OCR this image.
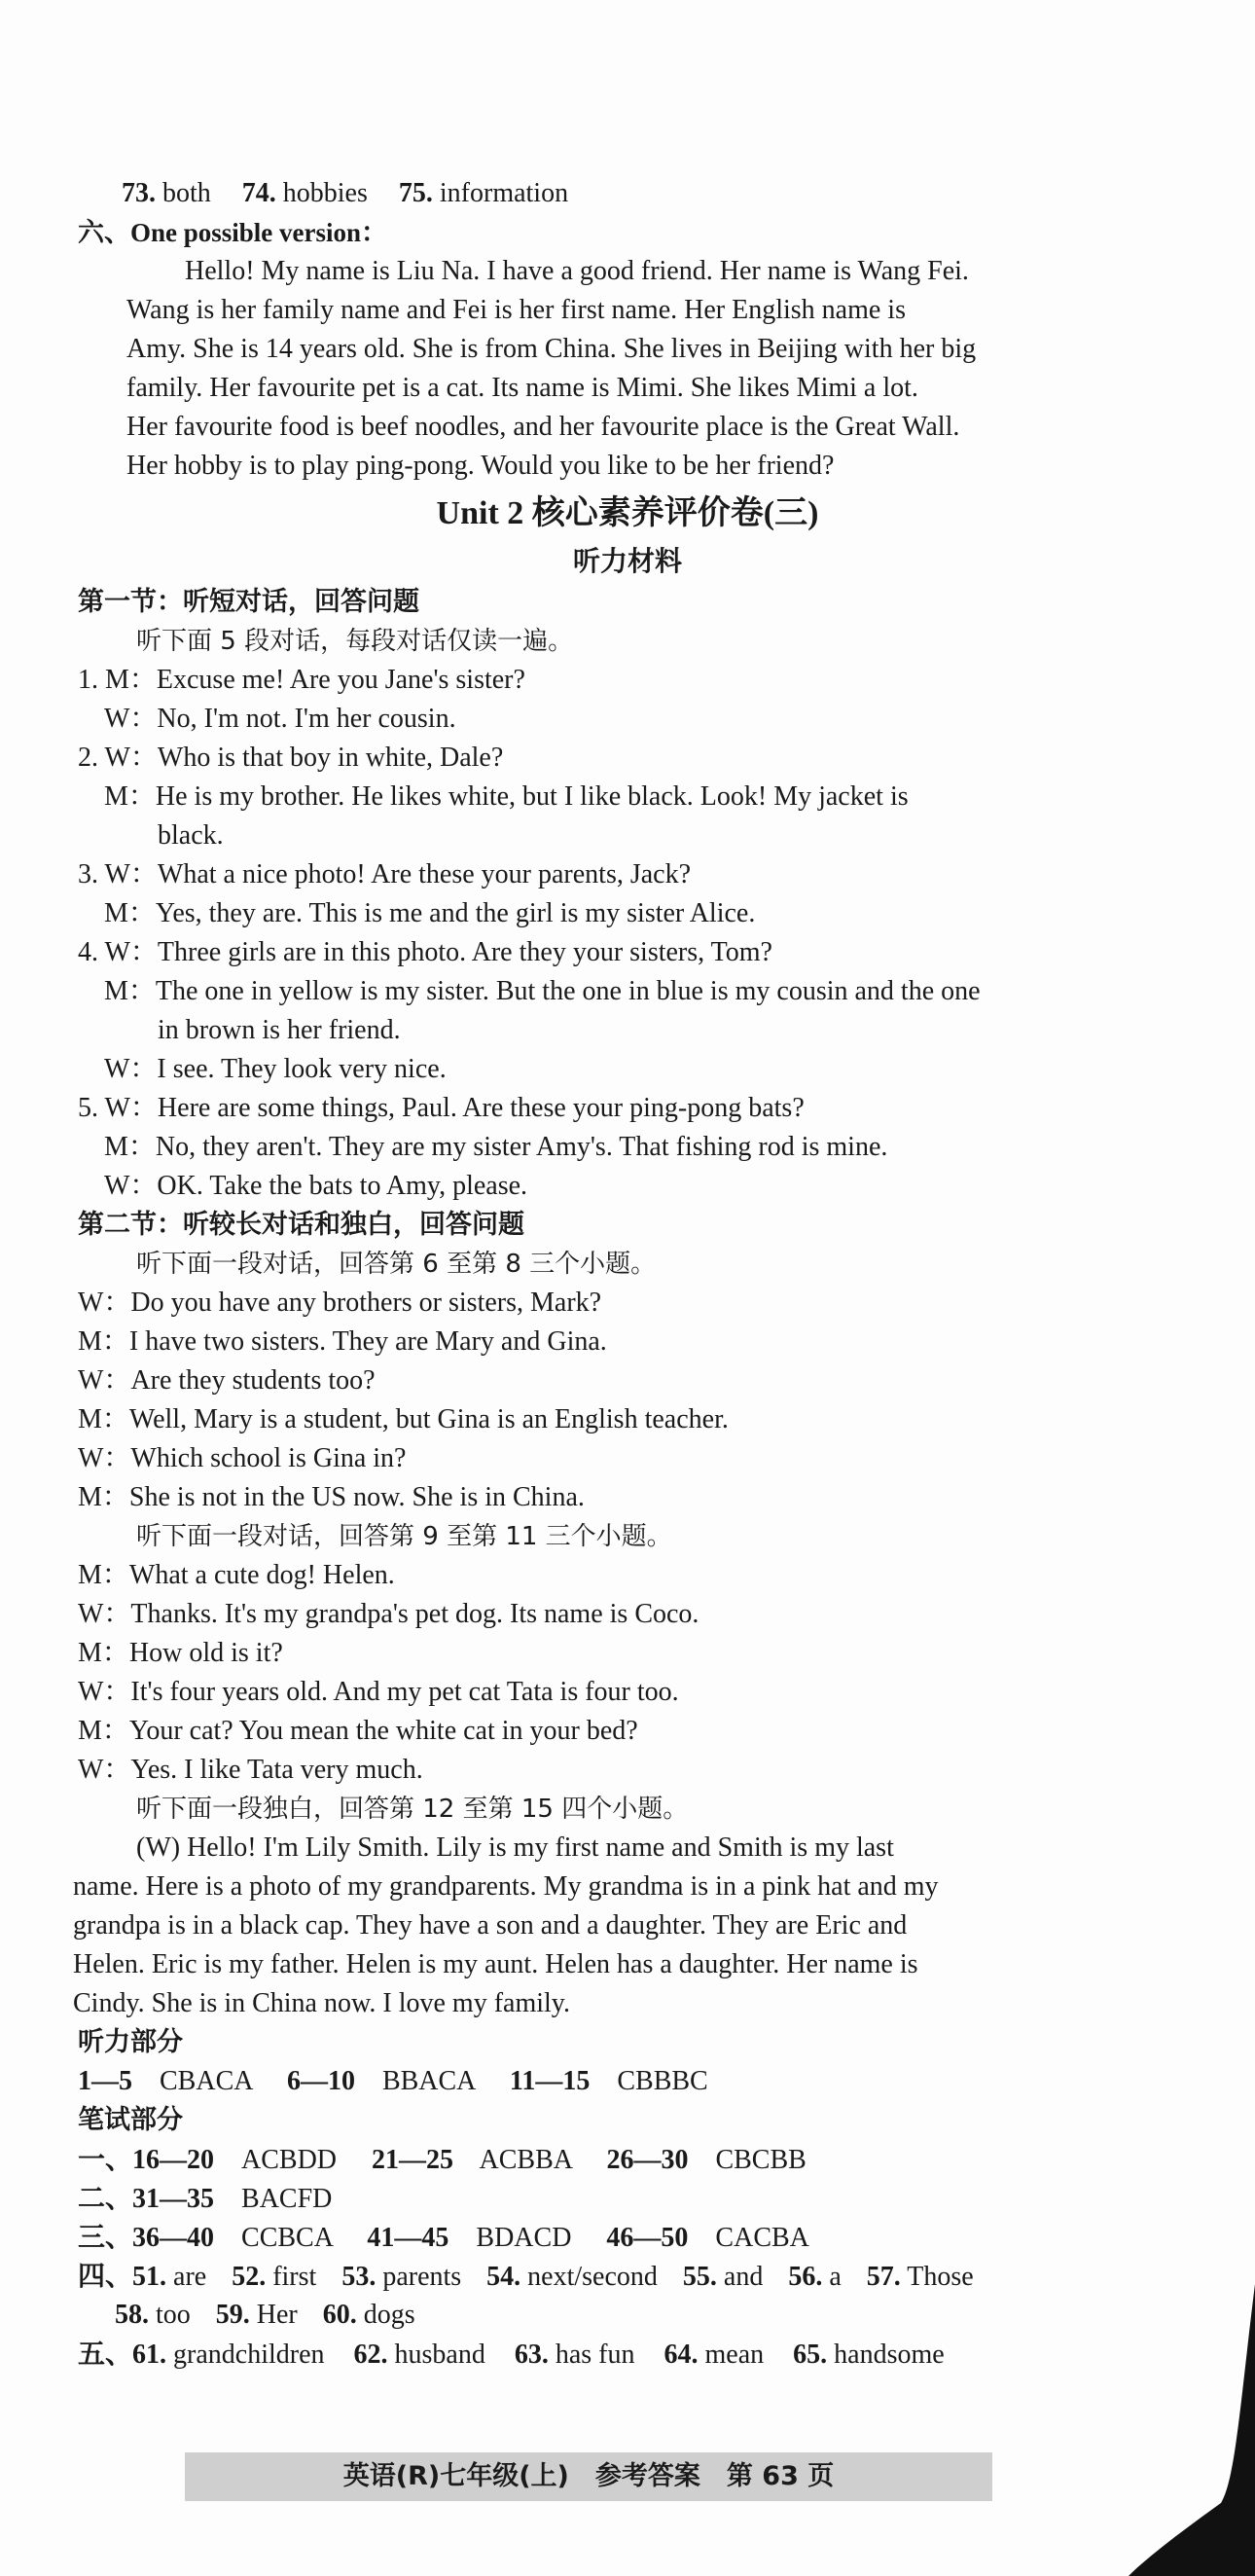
73. both 74. hobbies 75. information
六、One possible version：
Hello! My name is Liu Na. I have a good friend. Her name is Wang Fei.
Wang is her family name and Fei is her first name. Her English name is
Amy. She is 14 years old. She is from China. She lives in Beijing with her big
family. Her favourite pet is a cat. Its name is Mimi. She likes Mimi a lot.
Her favourite food is beef noodles, and her favourite place is the Great Wall.
Her hobby is to play ping-pong. Would you like to be her friend?
Unit 2 核心素养评价卷(三)
听力材料
第一节：听短对话，回答问题
听下面 5 段对话，每段对话仅读一遍。
1. M：Excuse me! Are you Jane's sister?
W：No, I'm not. I'm her cousin.
2. W：Who is that boy in white, Dale?
M：He is my brother. He likes white, but I like black. Look! My jacket is
black.
3. W：What a nice photo! Are these your parents, Jack?
M：Yes, they are. This is me and the girl is my sister Alice.
4. W：Three girls are in this photo. Are they your sisters, Tom?
M：The one in yellow is my sister. But the one in blue is my cousin and the one
in brown is her friend.
W：I see. They look very nice.
5. W：Here are some things, Paul. Are these your ping-pong bats?
M：No, they aren't. They are my sister Amy's. That fishing rod is mine.
W：OK. Take the bats to Amy, please.
第二节：听较长对话和独白，回答问题
听下面一段对话，回答第 6 至第 8 三个小题。
W：Do you have any brothers or sisters, Mark?
M：I have two sisters. They are Mary and Gina.
W：Are they students too?
M：Well, Mary is a student, but Gina is an English teacher.
W：Which school is Gina in?
M：She is not in the US now. She is in China.
听下面一段对话，回答第 9 至第 11 三个小题。
M：What a cute dog! Helen.
W：Thanks. It's my grandpa's pet dog. Its name is Coco.
M：How old is it?
W：It's four years old. And my pet cat Tata is four too.
M：Your cat? You mean the white cat in your bed?
W：Yes. I like Tata very much.
听下面一段独白，回答第 12 至第 15 四个小题。
(W) Hello! I'm Lily Smith. Lily is my first name and Smith is my last
name. Here is a photo of my grandparents. My grandma is in a pink hat and my
grandpa is in a black cap. They have a son and a daughter. They are Eric and
Helen. Eric is my father. Helen is my aunt. Helen has a daughter. Her name is
Cindy. She is in China now. I love my family.
听力部分
1—5 CBACA 6—10 BBACA 11—15 CBBBC
笔试部分
一、16—20 ACBDD 21—25 ACBBA 26—30 CBCBB
二、31—35 BACFD
三、36—40 CCBCA 41—45 BDACD 46—50 CACBA
四、51. are 52. first 53. parents 54. next/second 55. and 56. a 57. Those
58. too 59. Her 60. dogs
五、61. grandchildren 62. husband 63. has fun 64. mean 65. handsome
英语(R)七年级(上)　参考答案　第 63 页
